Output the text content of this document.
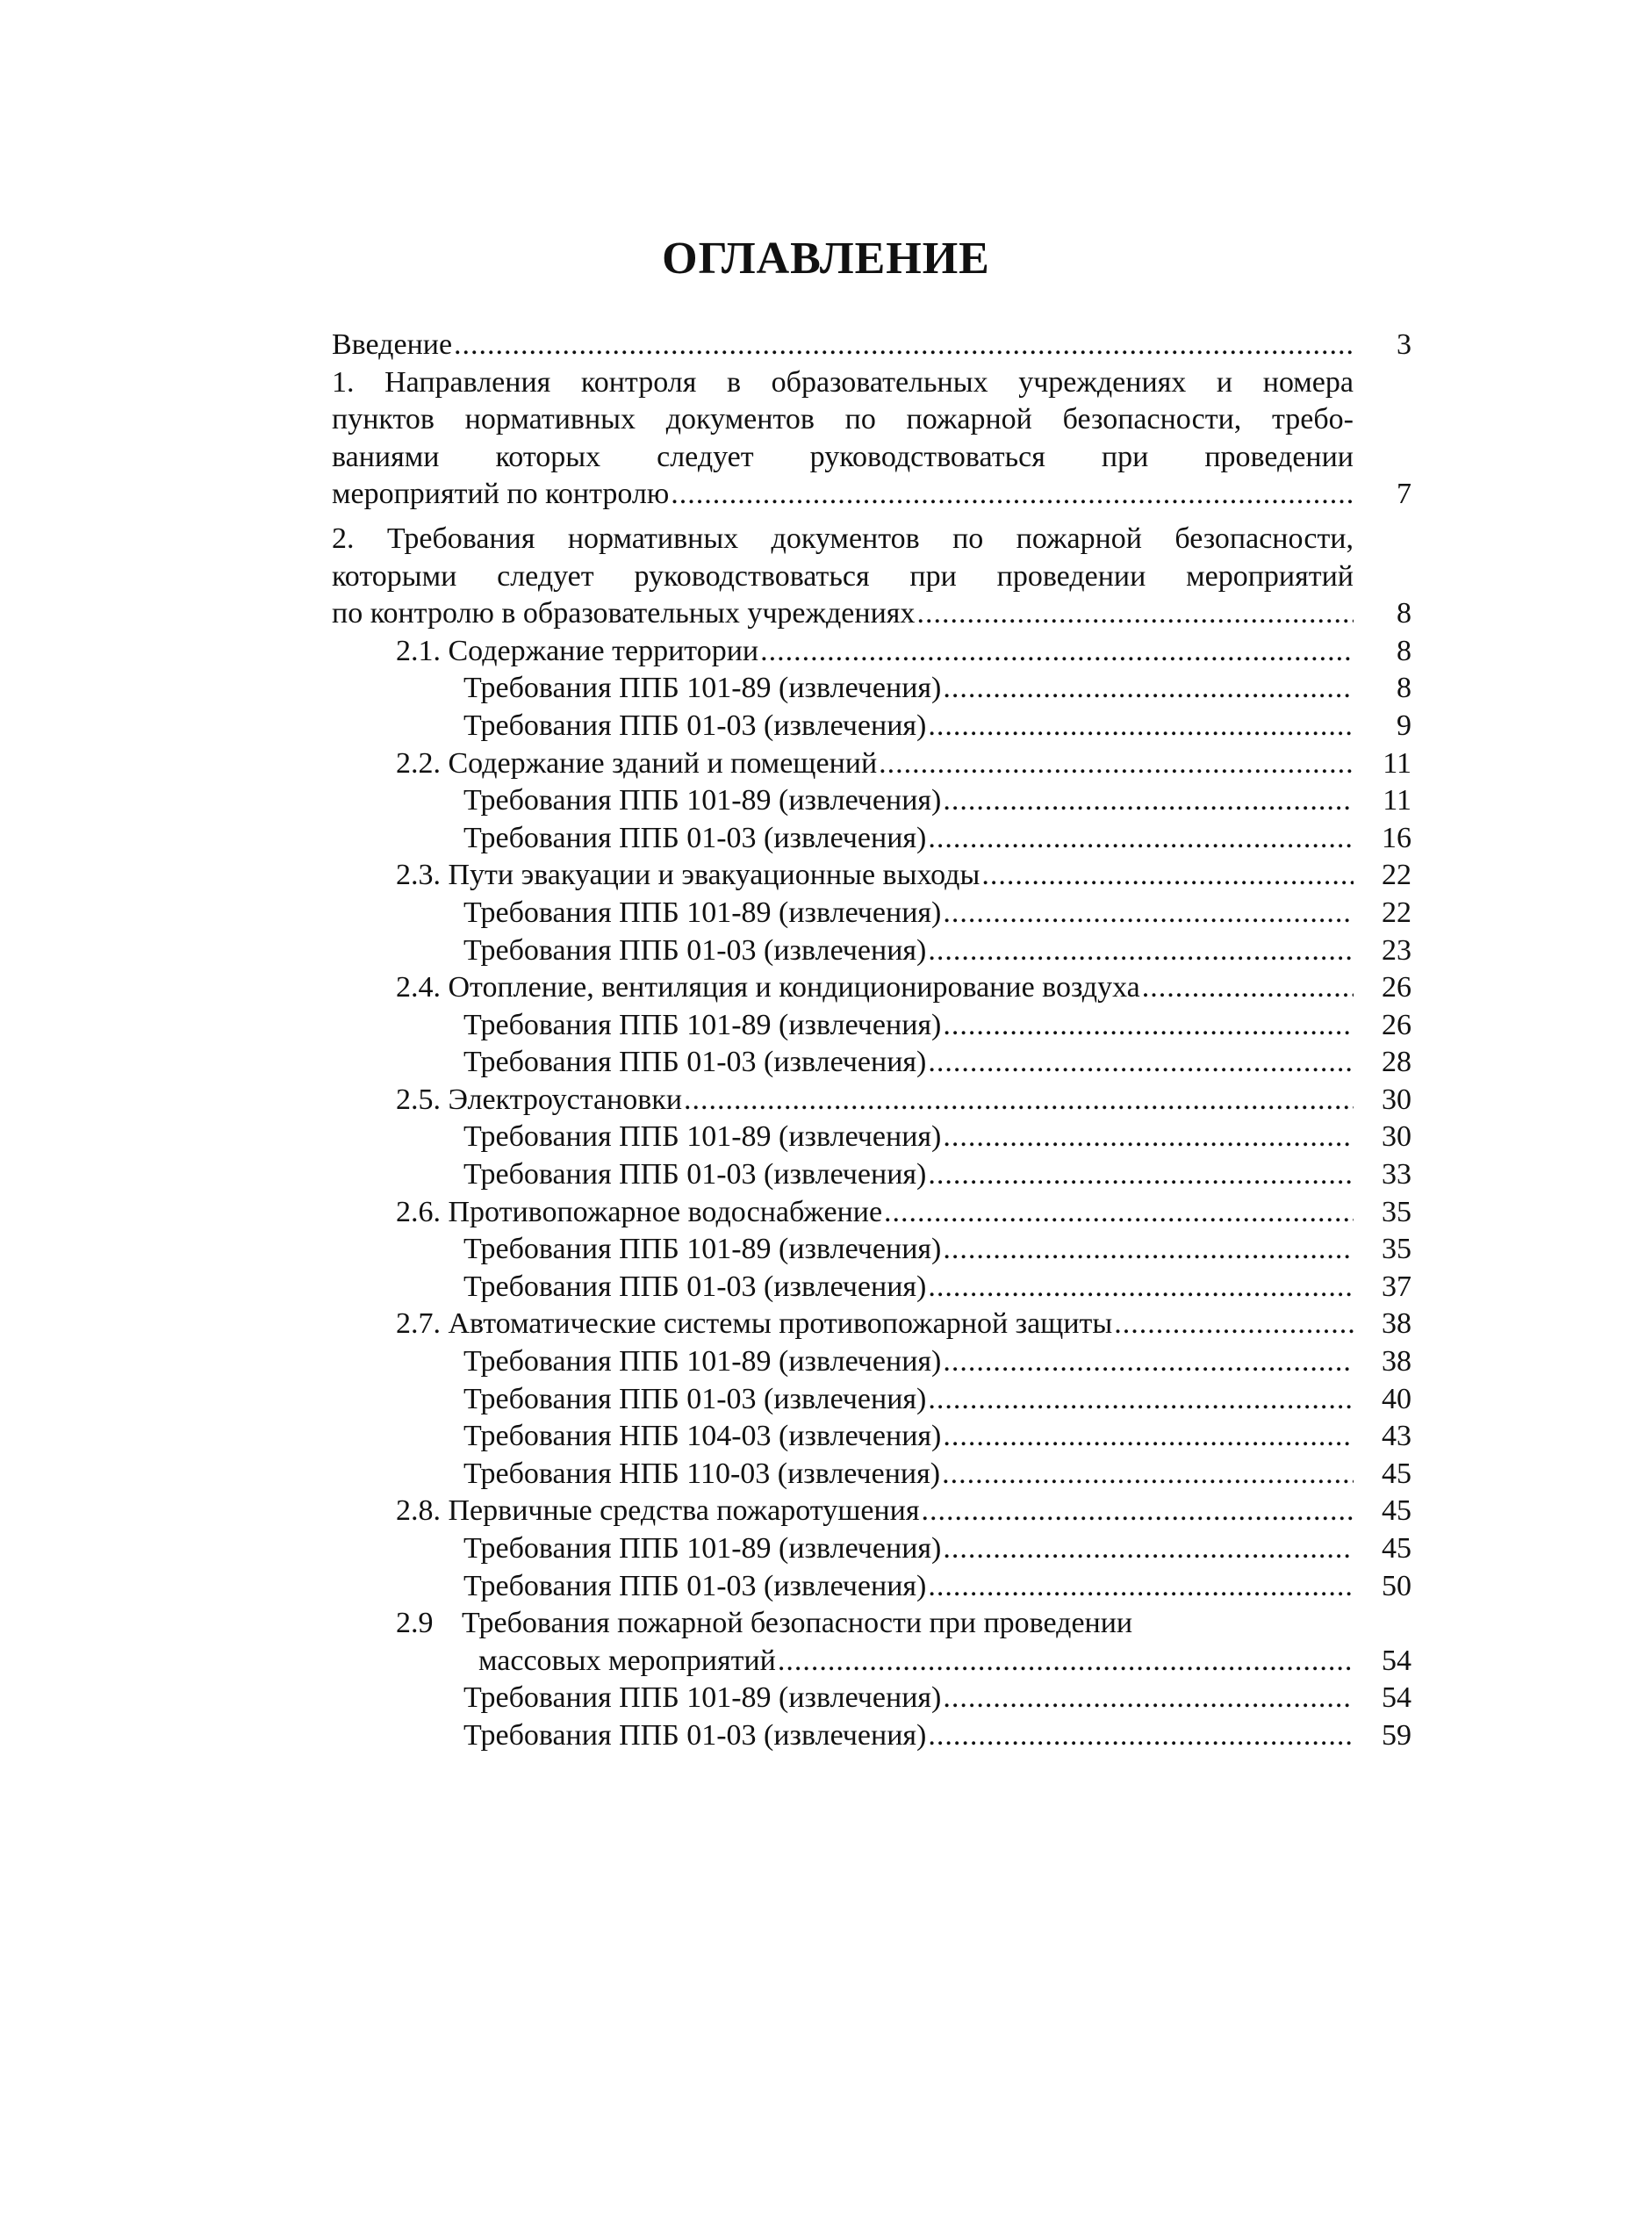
ОГЛАВЛЕНИЕ
Введение .....	3
1. Направления контроля в образовательных учреждениях и номера
пунктов нормативных документов по пожарной безопасности, требо-
ваниями которых следует руководствоваться при проведении
мероприятий по контролю .....	7
2. Требования нормативных документов по пожарной безопасности,
которыми следует руководствоваться при проведении мероприятий
по контролю в образовательных учреждениях .....	8
2.1. Содержание территории .....	8
Требования ППБ 101-89 (извлечения) .....	8
Требования ППБ 01-03 (извлечения) .....	9
2.2. Содержание зданий и помещений .....	11
Требования ППБ 101-89 (извлечения) .....	11
Требования ППБ 01-03 (извлечения) .....	16
2.3. Пути эвакуации и эвакуационные выходы .....	22
Требования ППБ 101-89 (извлечения) .....	22
Требования ППБ 01-03 (извлечения) .....	23
2.4. Отопление, вентиляция и кондиционирование воздуха .....	26
Требования ППБ 101-89 (извлечения) .....	26
Требования ППБ 01-03 (извлечения) .....	28
2.5. Электроустановки .....	30
Требования ППБ 101-89 (извлечения) .....	30
Требования ППБ 01-03 (извлечения) .....	33
2.6. Противопожарное водоснабжение .....	35
Требования ППБ 101-89 (извлечения) .....	35
Требования ППБ 01-03 (извлечения) .....	37
2.7. Автоматические системы противопожарной защиты .....	38
Требования ППБ 101-89 (извлечения) .....	38
Требования ППБ 01-03 (извлечения) .....	40
Требования НПБ 104-03 (извлечения) .....	43
Требования НПБ 110-03 (извлечения) .....	45
2.8. Первичные средства пожаротушения .....	45
Требования ППБ 101-89 (извлечения) .....	45
Требования ППБ 01-03 (извлечения) .....	50
2.9 Требования пожарной безопасности при проведении
массовых мероприятий .....	54
Требования ППБ 101-89 (извлечения) .....	54
Требования ППБ 01-03 (извлечения) .....	59
